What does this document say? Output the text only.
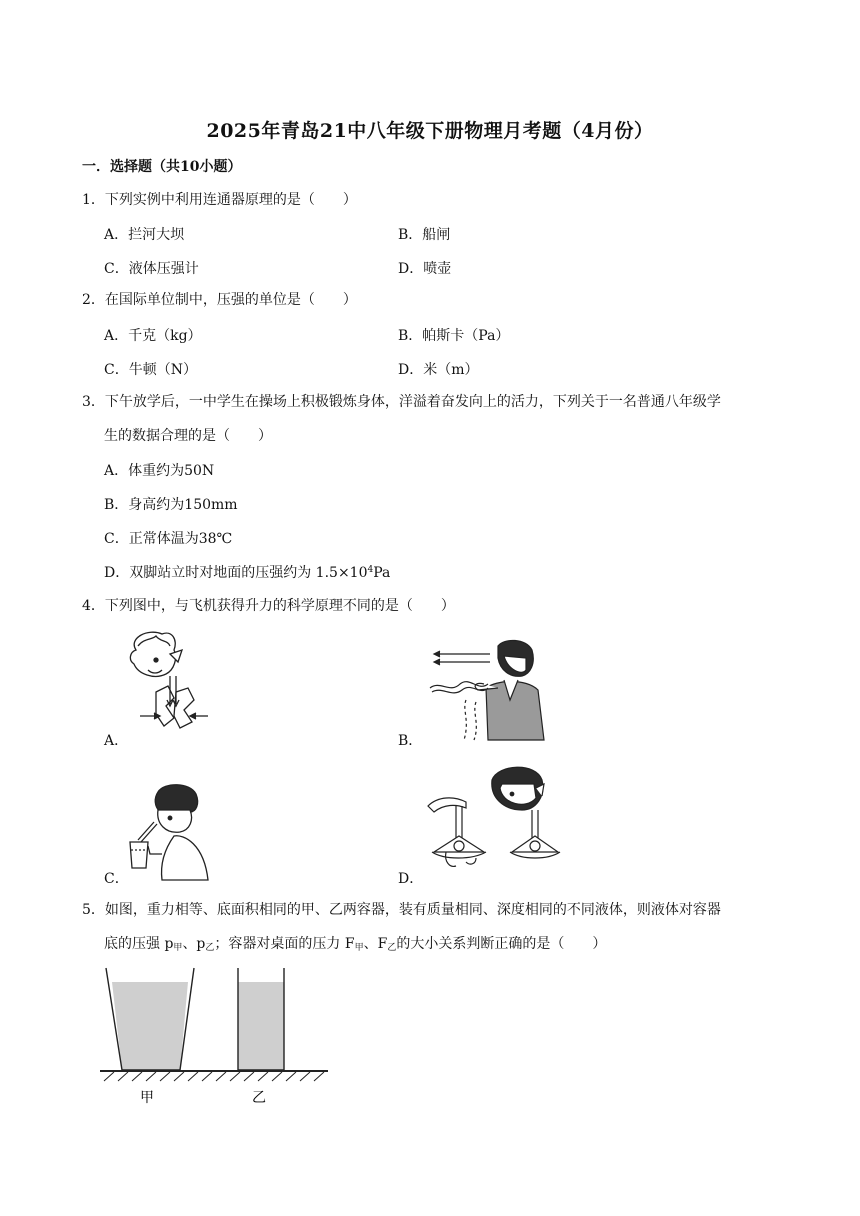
2025年青岛21中八年级下册物理月考题（4月份）
一．选择题（共10小题）
1．下列实例中利用连通器原理的是（　　）
A．拦河大坝	B．船闸
C．液体压强计	D．喷壶
2．在国际单位制中，压强的单位是（　　）
A．千克（kg）	B．帕斯卡（Pa）
C．牛顿（N）	D．米（m）
3．下午放学后，一中学生在操场上积极锻炼身体，洋溢着奋发向上的活力，下列关于一名普通八年级学
生的数据合理的是（　　）
A．体重约为50N
B．身高约为150mm
C．正常体温为38℃
D．双脚站立时对地面的压强约为 $1.5\times 10^4Pa$
4．下列图中，与飞机获得升力的科学原理不同的是（　　）
A．	B．
C．	D．
5．如图，重力相等、底面积相同的甲、乙两容器，装有质量相同、深度相同的不同液体，则液体对容器
底的压强 $p_甲$、$p_乙$；容器对桌面的压力 $F_甲$、$F_乙$的大小关系判断正确的是（　　）
甲	乙
